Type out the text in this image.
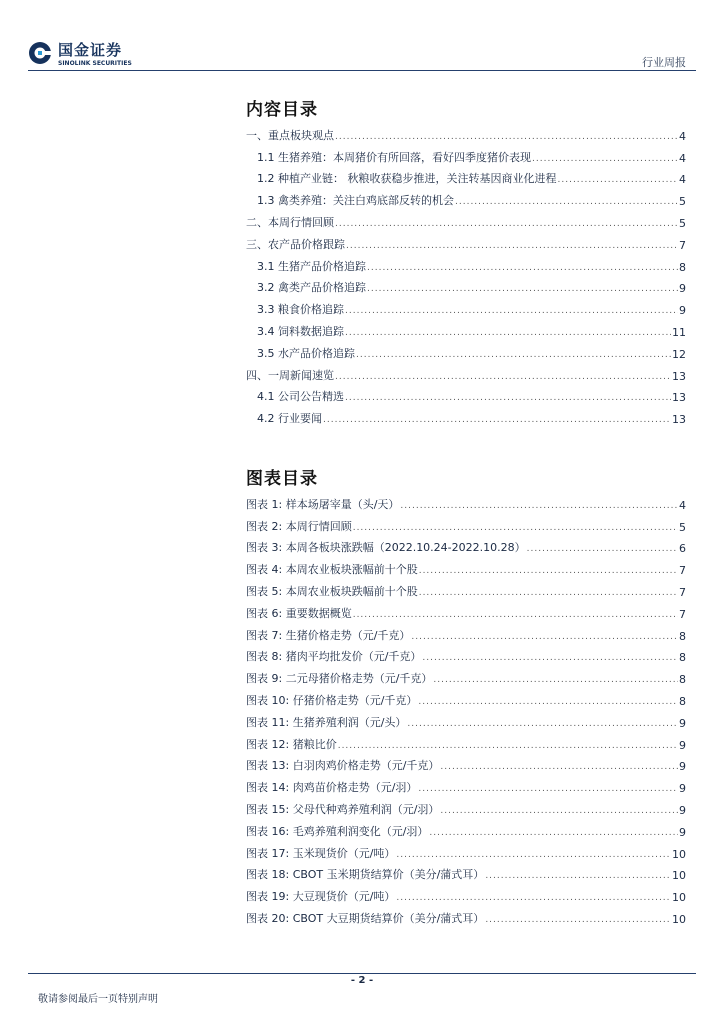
国金证券
SINOLINK SECURITIES	行业周报
内容目录
一、重点板块观点 .....	4
1.1 生猪养殖：本周猪价有所回落，看好四季度猪价表现 .....	4
1.2 种植产业链： 秋粮收获稳步推进，关注转基因商业化进程 .....	4
1.3 禽类养殖：关注白鸡底部反转的机会 .....	5
二、本周行情回顾 .....	5
三、农产品价格跟踪 .....	7
3.1 生猪产品价格追踪 .....	8
3.2 禽类产品价格追踪 .....	9
3.3 粮食价格追踪 .....	9
3.4 饲料数据追踪 .....	11
3.5 水产品价格追踪 .....	12
四、一周新闻速览 .....	13
4.1 公司公告精选 .....	13
4.2 行业要闻 .....	13
图表目录
图表 1: 样本场屠宰量（头/天） .....	4
图表 2: 本周行情回顾 .....	5
图表 3: 本周各板块涨跌幅（2022.10.24-2022.10.28） .....	6
图表 4: 本周农业板块涨幅前十个股 .....	7
图表 5: 本周农业板块跌幅前十个股 .....	7
图表 6: 重要数据概览 .....	7
图表 7: 生猪价格走势（元/千克） .....	8
图表 8: 猪肉平均批发价（元/千克） .....	8
图表 9: 二元母猪价格走势（元/千克） .....	8
图表 10: 仔猪价格走势（元/千克） .....	8
图表 11: 生猪养殖利润（元/头） .....	9
图表 12: 猪粮比价 .....	9
图表 13: 白羽肉鸡价格走势（元/千克） .....	9
图表 14: 肉鸡苗价格走势（元/羽） .....	9
图表 15: 父母代种鸡养殖利润（元/羽） .....	9
图表 16: 毛鸡养殖利润变化（元/羽） .....	9
图表 17: 玉米现货价（元/吨） .....	10
图表 18: CBOT 玉米期货结算价（美分/蒲式耳） .....	10
图表 19: 大豆现货价（元/吨） .....	10
图表 20: CBOT 大豆期货结算价（美分/蒲式耳） .....	10
- 2 -
敬请参阅最后一页特别声明
